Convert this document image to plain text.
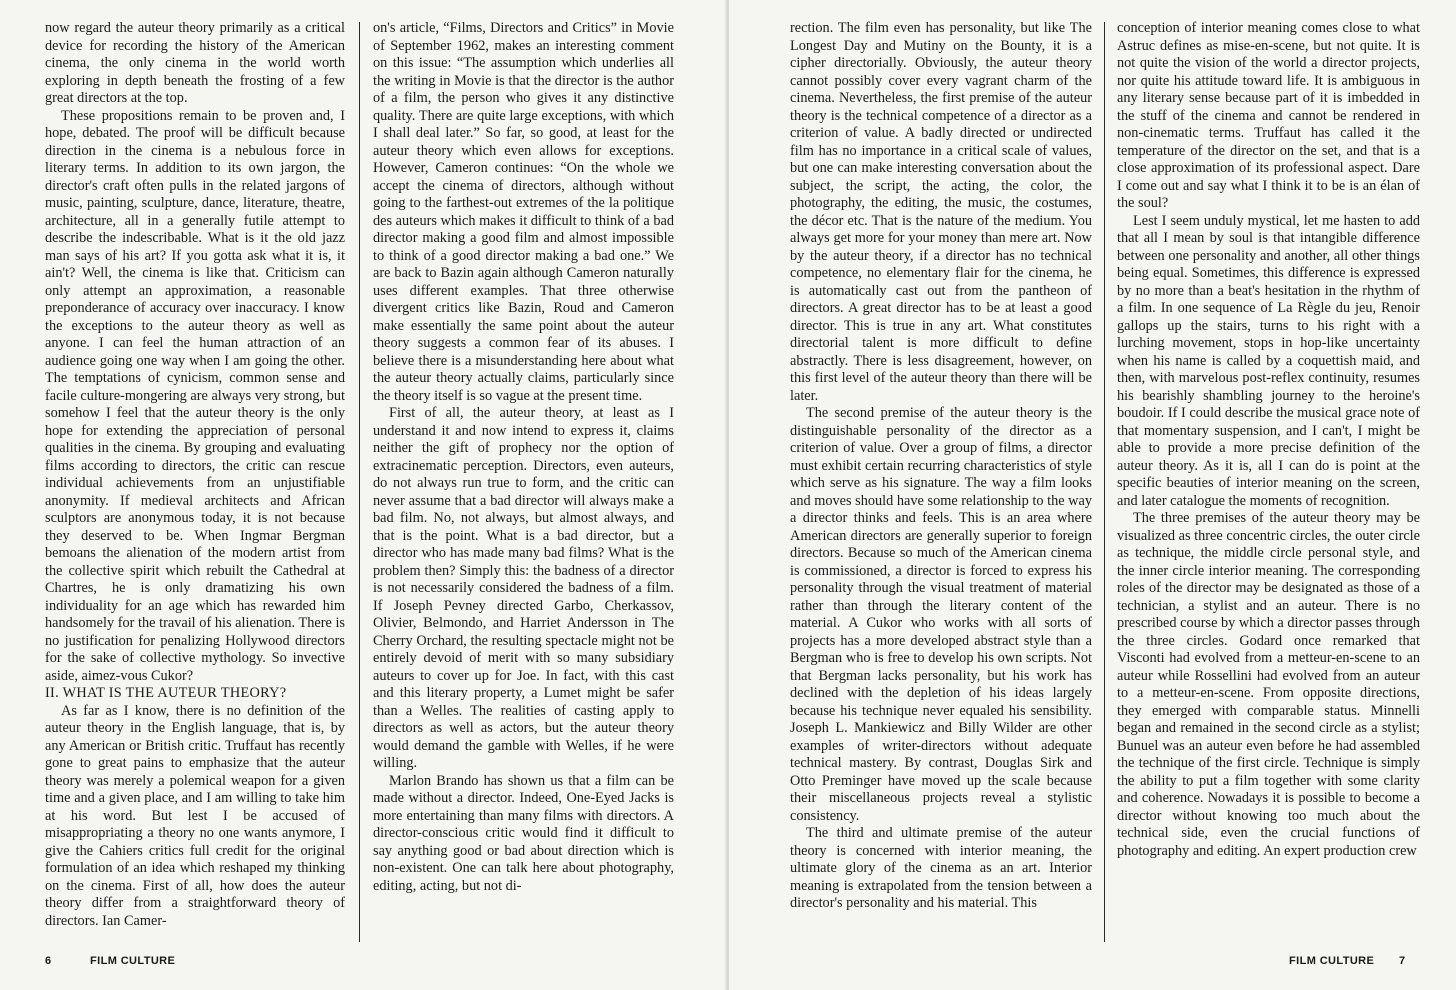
now regard the auteur theory primarily as a critical device for recording the history of the American cinema, the only cinema in the world worth exploring in depth beneath the frosting of a few great directors at the top.

These propositions remain to be proven and, I hope, debated. The proof will be difficult because direction in the cinema is a nebulous force in literary terms. In addition to its own jargon, the director's craft often pulls in the related jargons of music, painting, sculpture, dance, literature, theatre, architecture, all in a generally futile attempt to describe the indescribable. What is it the old jazz man says of his art? If you gotta ask what it is, it ain't? Well, the cinema is like that. Criticism can only attempt an approximation, a reasonable preponderance of accuracy over inaccuracy. I know the exceptions to the auteur theory as well as anyone. I can feel the human attraction of an audience going one way when I am going the other. The temptations of cynicism, common sense and facile culture-mongering are always very strong, but somehow I feel that the auteur theory is the only hope for extending the appreciation of personal qualities in the cinema. By grouping and evaluating films according to directors, the critic can rescue individual achievements from an unjustifiable anonymity. If medieval architects and African sculptors are anonymous today, it is not because they deserved to be. When Ingmar Bergman bemoans the alienation of the modern artist from the collective spirit which rebuilt the Cathedral at Chartres, he is only dramatizing his own individuality for an age which has rewarded him handsomely for the travail of his alienation. There is no justification for penalizing Hollywood directors for the sake of collective mythology. So invective aside, aimez-vous Cukor?

II. WHAT IS THE AUTEUR THEORY?

As far as I know, there is no definition of the auteur theory in the English language, that is, by any American or British critic. Truffaut has recently gone to great pains to emphasize that the auteur theory was merely a polemical weapon for a given time and a given place, and I am willing to take him at his word. But lest I be accused of misappropriating a theory no one wants anymore, I give the Cahiers critics full credit for the original formulation of an idea which reshaped my thinking on the cinema. First of all, how does the auteur theory differ from a straightforward theory of directors. Ian Camer-

on's article, “Films, Directors and Critics” in Movie of September 1962, makes an interesting comment on this issue: “The assumption which underlies all the writing in Movie is that the director is the author of a film, the person who gives it any distinctive quality. There are quite large exceptions, with which I shall deal later.” So far, so good, at least for the auteur theory which even allows for exceptions. However, Cameron continues: “On the whole we accept the cinema of directors, although without going to the farthest-out extremes of the la politique des auteurs which makes it difficult to think of a bad director making a good film and almost impossible to think of a good director making a bad one.” We are back to Bazin again although Cameron naturally uses different examples. That three otherwise divergent critics like Bazin, Roud and Cameron make essentially the same point about the auteur theory suggests a common fear of its abuses. I believe there is a misunderstanding here about what the auteur theory actually claims, particularly since the theory itself is so vague at the present time.

First of all, the auteur theory, at least as I understand it and now intend to express it, claims neither the gift of prophecy nor the option of extracinematic perception. Directors, even auteurs, do not always run true to form, and the critic can never assume that a bad director will always make a bad film. No, not always, but almost always, and that is the point. What is a bad director, but a director who has made many bad films? What is the problem then? Simply this: the badness of a director is not necessarily considered the badness of a film. If Joseph Pevney directed Garbo, Cherkassov, Olivier, Belmondo, and Harriet Andersson in The Cherry Orchard, the resulting spectacle might not be entirely devoid of merit with so many subsidiary auteurs to cover up for Joe. In fact, with this cast and this literary property, a Lumet might be safer than a Welles. The realities of casting apply to directors as well as actors, but the auteur theory would demand the gamble with Welles, if he were willing.

Marlon Brando has shown us that a film can be made without a director. Indeed, One-Eyed Jacks is more entertaining than many films with directors. A director-conscious critic would find it difficult to say anything good or bad about direction which is non-existent. One can talk here about photography, editing, acting, but not di-

6	FILM CULTURE

rection. The film even has personality, but like The Longest Day and Mutiny on the Bounty, it is a cipher directorially. Obviously, the auteur theory cannot possibly cover every vagrant charm of the cinema. Nevertheless, the first premise of the auteur theory is the technical competence of a director as a criterion of value. A badly directed or undirected film has no importance in a critical scale of values, but one can make interesting conversation about the subject, the script, the acting, the color, the photography, the editing, the music, the costumes, the décor etc. That is the nature of the medium. You always get more for your money than mere art. Now by the auteur theory, if a director has no technical competence, no elementary flair for the cinema, he is automatically cast out from the pantheon of directors. A great director has to be at least a good director. This is true in any art. What constitutes directorial talent is more difficult to define abstractly. There is less disagreement, however, on this first level of the auteur theory than there will be later.

The second premise of the auteur theory is the distinguishable personality of the director as a criterion of value. Over a group of films, a director must exhibit certain recurring characteristics of style which serve as his signature. The way a film looks and moves should have some relationship to the way a director thinks and feels. This is an area where American directors are generally superior to foreign directors. Because so much of the American cinema is commissioned, a director is forced to express his personality through the visual treatment of material rather than through the literary content of the material. A Cukor who works with all sorts of projects has a more developed abstract style than a Bergman who is free to develop his own scripts. Not that Bergman lacks personality, but his work has declined with the depletion of his ideas largely because his technique never equaled his sensibility. Joseph L. Mankiewicz and Billy Wilder are other examples of writer-directors without adequate technical mastery. By contrast, Douglas Sirk and Otto Preminger have moved up the scale because their miscellaneous projects reveal a stylistic consistency.

The third and ultimate premise of the auteur theory is concerned with interior meaning, the ultimate glory of the cinema as an art. Interior meaning is extrapolated from the tension between a director's personality and his material. This

conception of interior meaning comes close to what Astruc defines as mise-en-scene, but not quite. It is not quite the vision of the world a director projects, nor quite his attitude toward life. It is ambiguous in any literary sense because part of it is imbedded in the stuff of the cinema and cannot be rendered in non-cinematic terms. Truffaut has called it the temperature of the director on the set, and that is a close approximation of its professional aspect. Dare I come out and say what I think it to be is an élan of the soul?

Lest I seem unduly mystical, let me hasten to add that all I mean by soul is that intangible difference between one personality and another, all other things being equal. Sometimes, this difference is expressed by no more than a beat's hesitation in the rhythm of a film. In one sequence of La Règle du jeu, Renoir gallops up the stairs, turns to his right with a lurching movement, stops in hop-like uncertainty when his name is called by a coquettish maid, and then, with marvelous post-reflex continuity, resumes his bearishly shambling journey to the heroine's boudoir. If I could describe the musical grace note of that momentary suspension, and I can't, I might be able to provide a more precise definition of the auteur theory. As it is, all I can do is point at the specific beauties of interior meaning on the screen, and later catalogue the moments of recognition.

The three premises of the auteur theory may be visualized as three concentric circles, the outer circle as technique, the middle circle personal style, and the inner circle interior meaning. The corresponding roles of the director may be designated as those of a technician, a stylist and an auteur. There is no prescribed course by which a director passes through the three circles. Godard once remarked that Visconti had evolved from a metteur-en-scene to an auteur while Rossellini had evolved from an auteur to a metteur-en-scene. From opposite directions, they emerged with comparable status. Minnelli began and remained in the second circle as a stylist; Bunuel was an auteur even before he had assembled the technique of the first circle. Technique is simply the ability to put a film together with some clarity and coherence. Nowadays it is possible to become a director without knowing too much about the technical side, even the crucial functions of photography and editing. An expert production crew

FILM CULTURE 7
